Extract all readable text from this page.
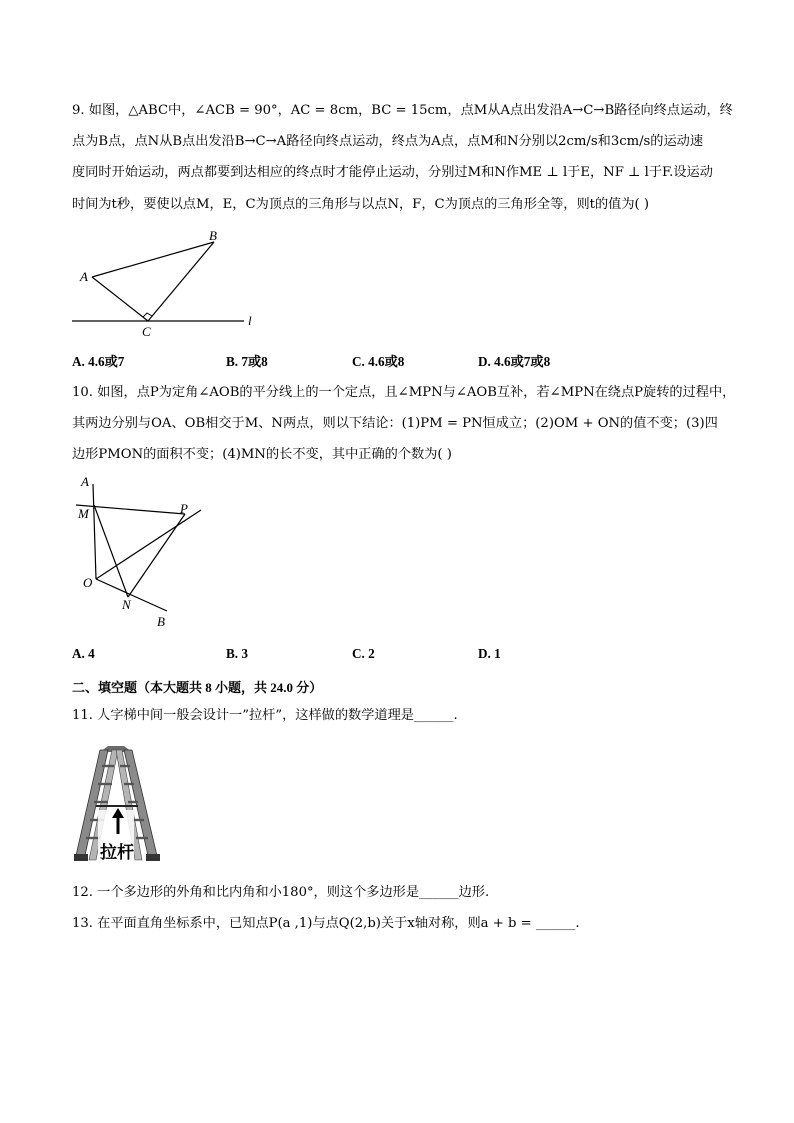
9. 如图，△ABC中，∠ACB = 90°，AC = 8cm，BC = 15cm，点M从A点出发沿A→C→B路径向终点运动，终
点为B点，点N从B点出发沿B→C→A路径向终点运动，终点为A点，点M和N分别以2cm/s和3cm/s的运动速
度同时开始运动，两点都要到达相应的终点时才能停止运动，分别过M和N作ME ⊥ l于E，NF ⊥ l于F.设运动
时间为t秒，要使以点M，E，C为顶点的三角形与以点N，F，C为顶点的三角形全等，则t的值为( )
A
B
C
l
A. 4.6或7	B. 7或8	C. 4.6或8	D. 4.6或7或8
10. 如图，点P为定角∠AOB的平分线上的一个定点，且∠MPN与∠AOB互补，若∠MPN在绕点P旋转的过程中，
其两边分别与OA、OB相交于M、N两点，则以下结论：(1)PM = PN恒成立；(2)OM + ON的值不变；(3)四
边形PMON的面积不变；(4)MN的长不变，其中正确的个数为( )
A
M	P
O
N
B
A. 4	B. 3	C. 2	D. 1
二、填空题（本大题共 8 小题，共 24.0 分）
11. 人字梯中间一般会设计一”拉杆”，这样做的数学道理是______.
拉杆
12. 一个多边形的外角和比内角和小180°，则这个多边形是______边形.
13. 在平面直角坐标系中，已知点P(a ,1)与点Q(2,b)关于x轴对称，则a + b = ______.
